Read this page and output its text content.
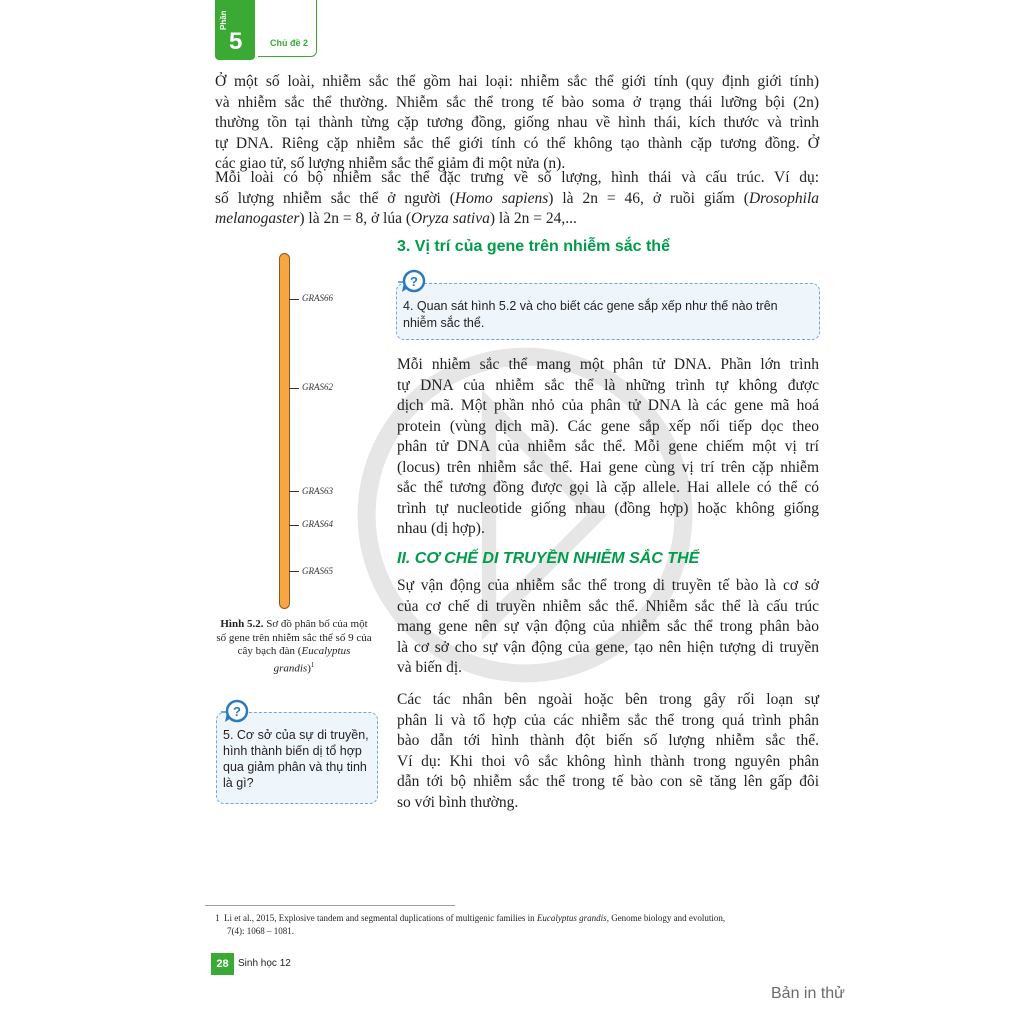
Phần
5	Chủ đề 2
Ở một số loài, nhiễm sắc thể gồm hai loại: nhiễm sắc thể giới tính (quy định giới tính)
và nhiễm sắc thể thường. Nhiễm sắc thể trong tế bào soma ở trạng thái lưỡng bội (2n)
thường tồn tại thành từng cặp tương đồng, giống nhau về hình thái, kích thước và trình
tự DNA. Riêng cặp nhiễm sắc thể giới tính có thể không tạo thành cặp tương đồng. Ở
các giao tử, số lượng nhiễm sắc thể giảm đi một nửa (n).
Mỗi loài có bộ nhiễm sắc thể đặc trưng về số lượng, hình thái và cấu trúc. Ví dụ:
số lượng nhiễm sắc thể ở người (Homo sapiens) là 2n = 46, ở ruồi giấm (Drosophila
melanogaster) là 2n = 8, ở lúa (Oryza sativa) là 2n = 24,...
3. Vị trí của gene trên nhiễm sắc thể
4. Quan sát hình 5.2 và cho biết các gene sắp xếp như thế nào trên nhiễm sắc thể.
?
Mỗi nhiễm sắc thể mang một phân tử DNA. Phần lớn trình
tự DNA của nhiễm sắc thể là những trình tự không được
dịch mã. Một phần nhỏ của phân tử DNA là các gene mã hoá
protein (vùng dịch mã). Các gene sắp xếp nối tiếp dọc theo
phân tử DNA của nhiễm sắc thể. Mỗi gene chiếm một vị trí
(locus) trên nhiễm sắc thể. Hai gene cùng vị trí trên cặp nhiễm
sắc thể tương đồng được gọi là cặp allele. Hai allele có thể có
trình tự nucleotide giống nhau (đồng hợp) hoặc không giống
nhau (dị hợp).
II. CƠ CHẾ DI TRUYỀN NHIỄM SẮC THỂ
Sự vận động của nhiễm sắc thể trong di truyền tế bào là cơ sở
của cơ chế di truyền nhiễm sắc thể. Nhiễm sắc thể là cấu trúc
mang gene nên sự vận động của nhiễm sắc thể trong phân bào
là cơ sở cho sự vận động của gene, tạo nên hiện tượng di truyền
và biến dị.
Các tác nhân bên ngoài hoặc bên trong gây rối loạn sự
phân li và tổ hợp của các nhiễm sắc thể trong quá trình phân
bào dẫn tới hình thành đột biến số lượng nhiễm sắc thể.
Ví dụ: Khi thoi vô sắc không hình thành trong nguyên phân
dẫn tới bộ nhiễm sắc thể trong tế bào con sẽ tăng lên gấp đôi
so với bình thường.
GRAS66
GRAS62
GRAS63
GRAS64
GRAS65
Hình 5.2. Sơ đồ phân bố của một số gene trên nhiễm sắc thể số 9 của cây bạch đàn (Eucalyptus grandis)$^1$
5. Cơ sở của sự di truyền, hình thành biến dị tổ hợp qua giảm phân và thụ tinh là gì?
?
1 Li et al., 2015, Explosive tandem and segmental duplications of multigenic families in Eucalyptus grandis, Genome biology and evolution,
7(4): 1068 – 1081.
28 Sinh học 12
Bản in thử
